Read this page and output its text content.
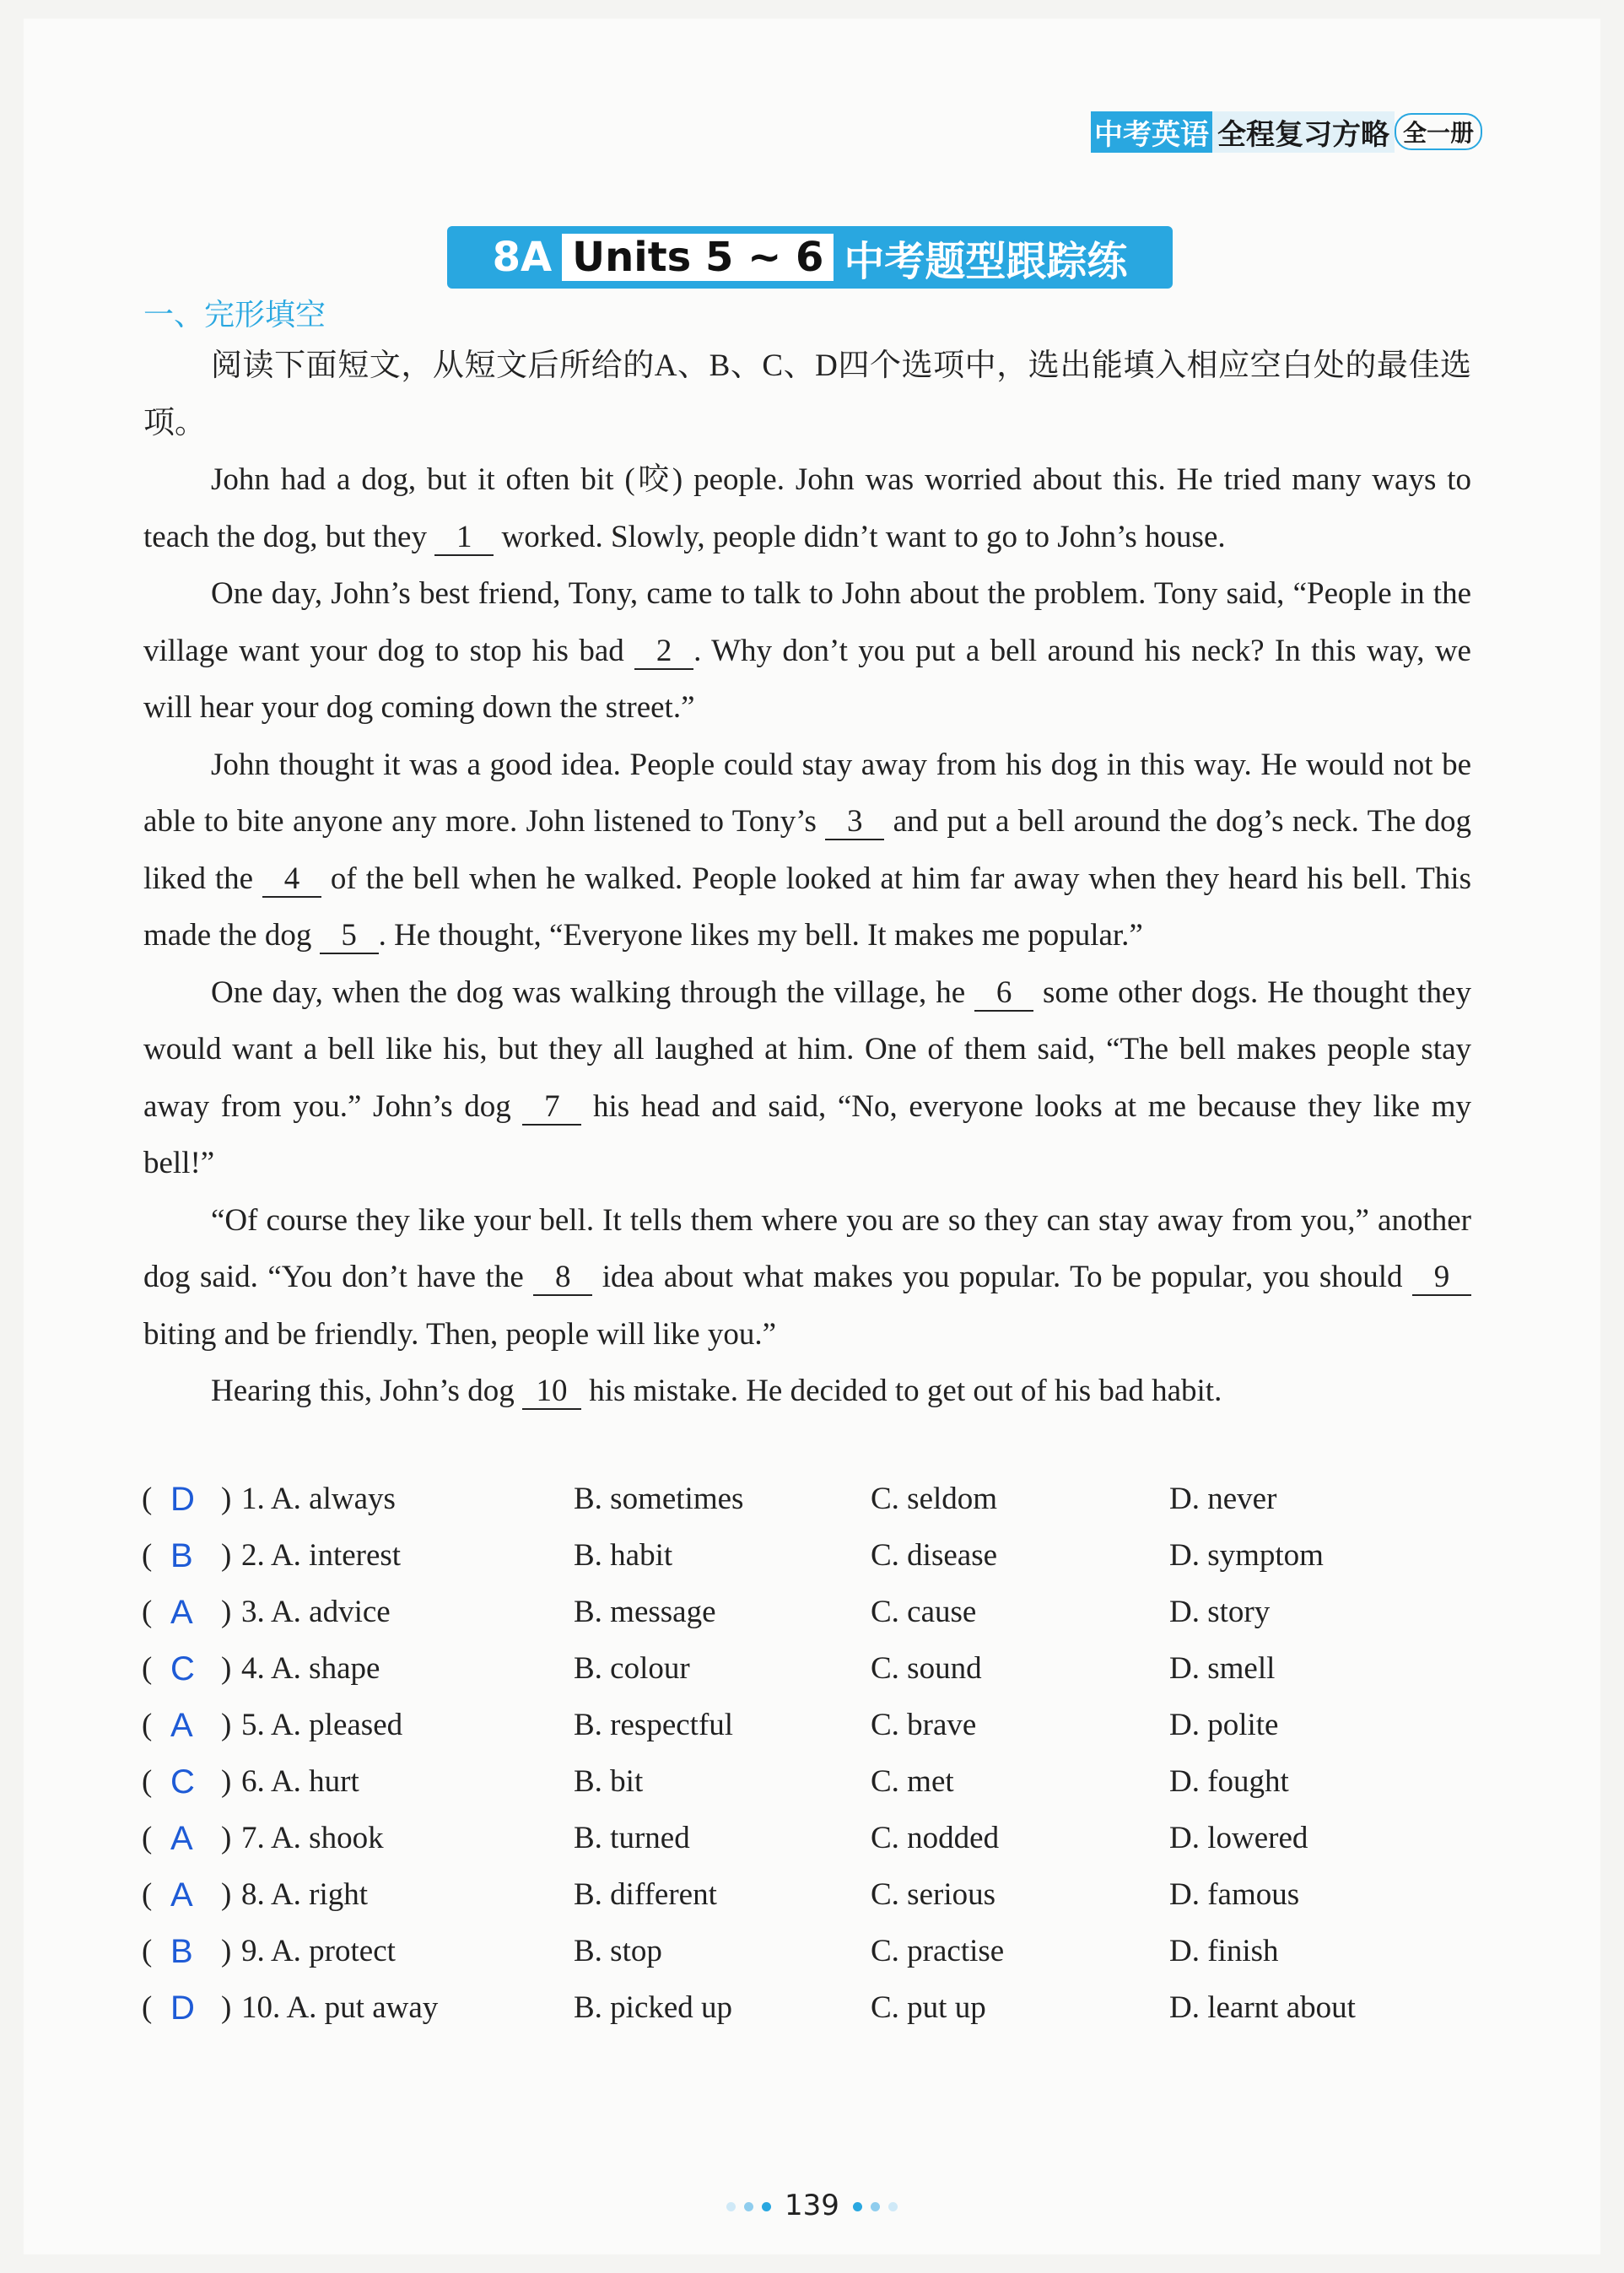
中考英语 全程复习方略 全一册
8A Units 5 ~ 6 中考题型跟踪练
一、完形填空

阅读下面短文，从短文后所给的A、B、C、D四个选项中，选出能填入相应空白处的最佳选项。

John had a dog, but it often bit (咬) people. John was worried about this. He tried many ways to teach the dog, but they 1 worked. Slowly, people didn’t want to go to John’s house.

One day, John’s best friend, Tony, came to talk to John about the problem. Tony said, “People in the village want your dog to stop his bad 2 . Why don’t you put a bell around his neck? In this way, we will hear your dog coming down the street.”

John thought it was a good idea. People could stay away from his dog in this way. He would not be able to bite anyone any more. John listened to Tony’s 3 and put a bell around the dog’s neck. The dog liked the 4 of the bell when he walked. People looked at him far away when they heard his bell. This made the dog 5 . He thought, “Everyone likes my bell. It makes me popular.”

One day, when the dog was walking through the village, he 6 some other dogs. He thought they would want a bell like his, but they all laughed at him. One of them said, “The bell makes people stay away from you.” John’s dog 7 his head and said, “No, everyone looks at me because they like my bell!”

“Of course they like your bell. It tells them where you are so they can stay away from you,” another dog said. “You don’t have the 8 idea about what makes you popular. To be popular, you should 9 biting and be friendly. Then, people will like you.”

Hearing this, John’s dog 10 his mistake. He decided to get out of his bad habit.

( D ) 1. A. always	B. sometimes	C. seldom	D. never
( B ) 2. A. interest	B. habit	C. disease	D. symptom
( A ) 3. A. advice	B. message	C. cause	D. story
( C ) 4. A. shape	B. colour	C. sound	D. smell
( A ) 5. A. pleased	B. respectful	C. brave	D. polite
( C ) 6. A. hurt	B. bit	C. met	D. fought
( A ) 7. A. shook	B. turned	C. nodded	D. lowered
( A ) 8. A. right	B. different	C. serious	D. famous
( B ) 9. A. protect	B. stop	C. practise	D. finish
( D ) 10. A. put away	B. picked up	C. put up	D. learnt about
139
